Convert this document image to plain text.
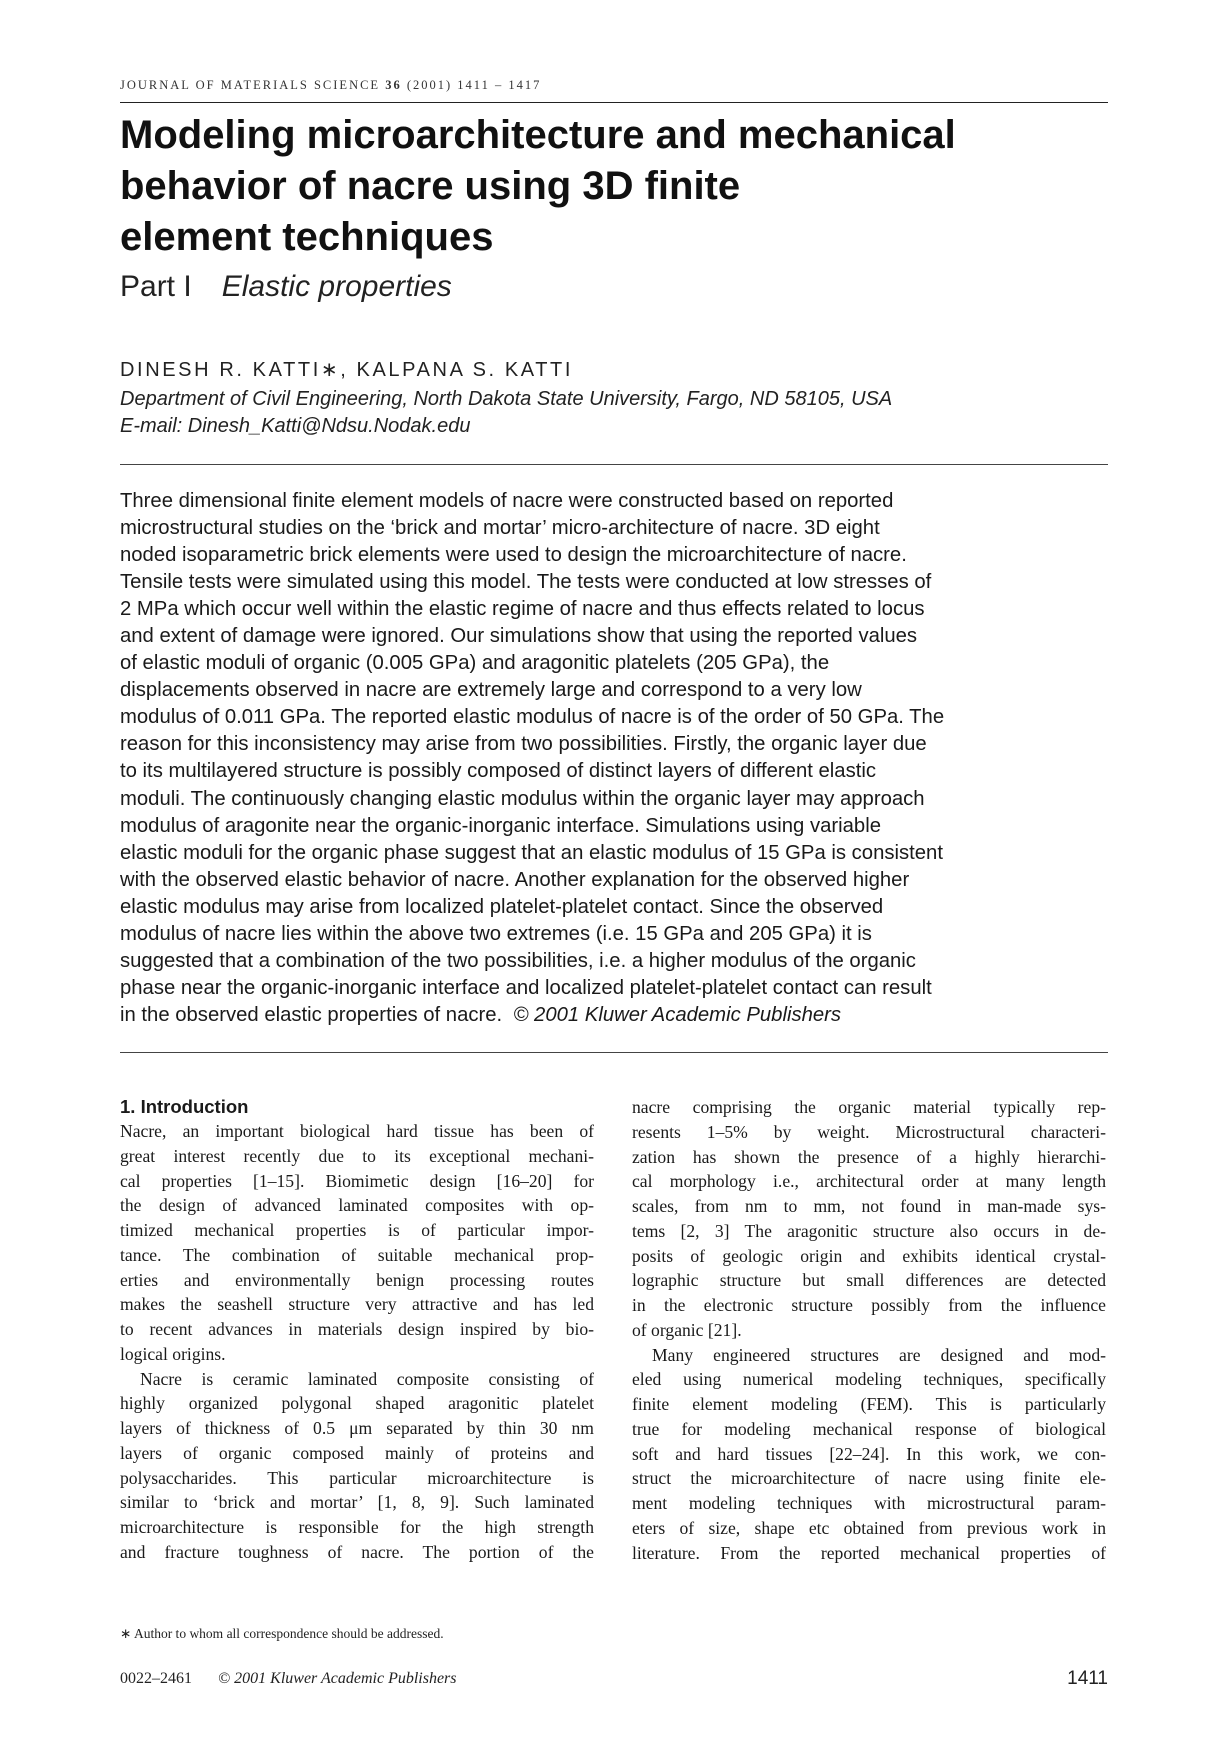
JOURNAL OF MATERIALS SCIENCE 36 (2001) 1411 – 1417
Modeling microarchitecture and mechanical
behavior of nacre using 3D finite
element techniques
Part I Elastic properties
DINESH R. KATTI∗, KALPANA S. KATTI
Department of Civil Engineering, North Dakota State University, Fargo, ND 58105, USA
E-mail: Dinesh_Katti@Ndsu.Nodak.edu
Three dimensional finite element models of nacre were constructed based on reported
microstructural studies on the ‘brick and mortar’ micro-architecture of nacre. 3D eight
noded isoparametric brick elements were used to design the microarchitecture of nacre.
Tensile tests were simulated using this model. The tests were conducted at low stresses of
2 MPa which occur well within the elastic regime of nacre and thus effects related to locus
and extent of damage were ignored. Our simulations show that using the reported values
of elastic moduli of organic (0.005 GPa) and aragonitic platelets (205 GPa), the
displacements observed in nacre are extremely large and correspond to a very low
modulus of 0.011 GPa. The reported elastic modulus of nacre is of the order of 50 GPa. The
reason for this inconsistency may arise from two possibilities. Firstly, the organic layer due
to its multilayered structure is possibly composed of distinct layers of different elastic
moduli. The continuously changing elastic modulus within the organic layer may approach
modulus of aragonite near the organic-inorganic interface. Simulations using variable
elastic moduli for the organic phase suggest that an elastic modulus of 15 GPa is consistent
with the observed elastic behavior of nacre. Another explanation for the observed higher
elastic modulus may arise from localized platelet-platelet contact. Since the observed
modulus of nacre lies within the above two extremes (i.e. 15 GPa and 205 GPa) it is
suggested that a combination of the two possibilities, i.e. a higher modulus of the organic
phase near the organic-inorganic interface and localized platelet-platelet contact can result
in the observed elastic properties of nacre. © 2001 Kluwer Academic Publishers
1. Introduction
Nacre, an important biological hard tissue has been of
great interest recently due to its exceptional mechani-
cal properties [1–15]. Biomimetic design [16–20] for
the design of advanced laminated composites with op-
timized mechanical properties is of particular impor-
tance. The combination of suitable mechanical prop-
erties and environmentally benign processing routes
makes the seashell structure very attractive and has led
to recent advances in materials design inspired by bio-
logical origins.
Nacre is ceramic laminated composite consisting of
highly organized polygonal shaped aragonitic platelet
layers of thickness of 0.5 μm separated by thin 30 nm
layers of organic composed mainly of proteins and
polysaccharides. This particular microarchitecture is
similar to ‘brick and mortar’ [1, 8, 9]. Such laminated
microarchitecture is responsible for the high strength
and fracture toughness of nacre. The portion of the
nacre comprising the organic material typically rep-
resents 1–5% by weight. Microstructural characteri-
zation has shown the presence of a highly hierarchi-
cal morphology i.e., architectural order at many length
scales, from nm to mm, not found in man-made sys-
tems [2, 3] The aragonitic structure also occurs in de-
posits of geologic origin and exhibits identical crystal-
lographic structure but small differences are detected
in the electronic structure possibly from the influence
of organic [21].
Many engineered structures are designed and mod-
eled using numerical modeling techniques, specifically
finite element modeling (FEM). This is particularly
true for modeling mechanical response of biological
soft and hard tissues [22–24]. In this work, we con-
struct the microarchitecture of nacre using finite ele-
ment modeling techniques with microstructural param-
eters of size, shape etc obtained from previous work in
literature. From the reported mechanical properties of
∗ Author to whom all correspondence should be addressed.
0022–2461 © 2001 Kluwer Academic Publishers	1411
